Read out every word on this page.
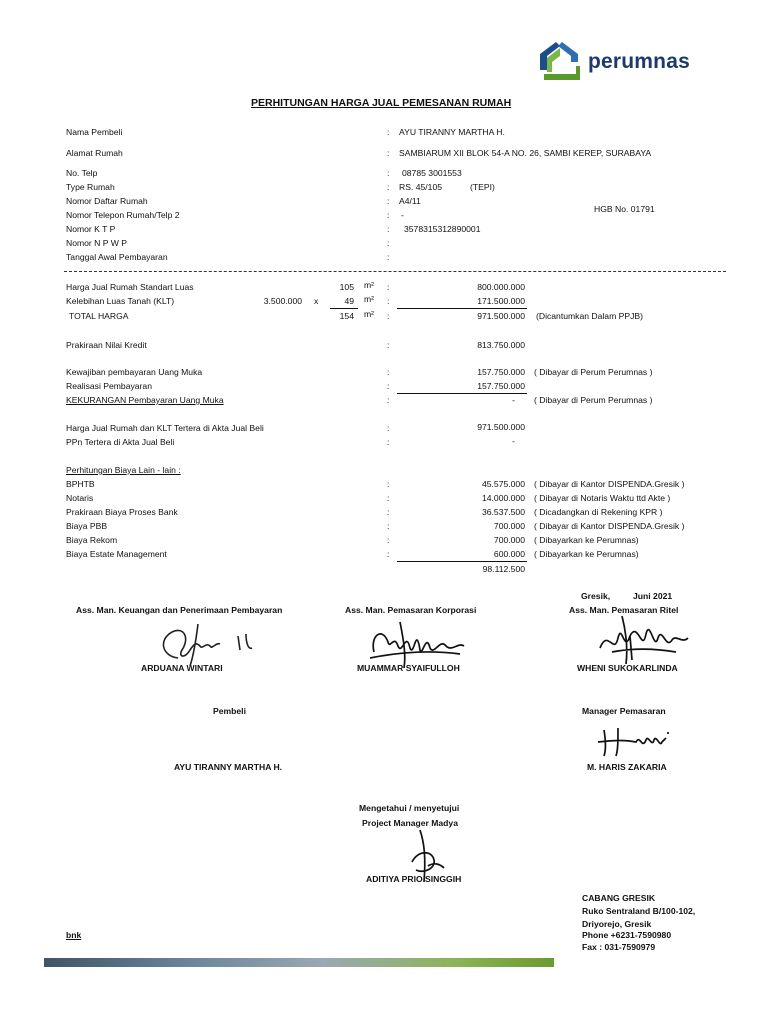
perumnas
PERHITUNGAN HARGA JUAL PEMESANAN RUMAH
Nama Pembeli	: AYU TIRANNY MARTHA H.
Alamat Rumah	: SAMBIARUM XII BLOK 54-A NO. 26, SAMBI KEREP, SURABAYA
No. Telp	: 08785 3001553
Type Rumah	: RS. 45/105	(TEPI)
Nomor Daftar Rumah	: A4/11
HGB No. 01791
Nomor Telepon Rumah/Telp 2	: -
Nomor K T P	: 3578315312890001
Nomor N P W P	:
Tanggal Awal Pembayaran	:
Harga Jual Rumah Standart Luas	105 m² :	800.000.000
Kelebihan Luas Tanah (KLT)	3.500.000 x	49 m² :	171.500.000
TOTAL HARGA	154 m² :	971.500.000 (Dicantumkan Dalam PPJB)
Prakiraan Nilai Kredit	:	813.750.000
Kewajiban pembayaran Uang Muka	:	157.750.000 ( Dibayar di Perum Perumnas )
Realisasi Pembayaran	:	157.750.000
KEKURANGAN Pembayaran Uang Muka	:	- ( Dibayar di Perum Perumnas )
Harga Jual Rumah dan KLT Tertera di Akta Jual Beli	:	971.500.000
PPn Tertera di Akta Jual Beli	:	-
Perhitungan Biaya Lain - lain :
BPHTB	:	45.575.000 ( Dibayar di Kantor DISPENDA.Gresik )
Notaris	:	14.000.000 ( Dibayar di Notaris Waktu ttd Akte )
Prakiraan Biaya Proses Bank	:	36.537.500 ( Dicadangkan di Rekening KPR )
Biaya PBB	:	700.000 ( Dibayar di Kantor DISPENDA.Gresik )
Biaya Rekom	:	700.000 ( Dibayarkan ke Perumnas)
Biaya Estate Management	:	600.000 ( Dibayarkan ke Perumnas)
98.112.500
Gresik,	Juni 2021
Ass. Man. Keuangan dan Penerimaan Pembayaran	Ass. Man. Pemasaran Korporasi	Ass. Man. Pemasaran Ritel
ARDUANA WINTARI	MUAMMAR SYAIFULLOH	WHENI SUKOKARLINDA
Pembeli	Manager Pemasaran
AYU TIRANNY MARTHA H.	M. HARIS ZAKARIA
Mengetahui / menyetujui
Project Manager Madya
ADITIYA PRIO SINGGIH
CABANG GRESIK
Ruko Sentraland B/100-102,
Driyorejo, Gresik
Phone +6231-7590980
Fax : 031-7590979
bnk
